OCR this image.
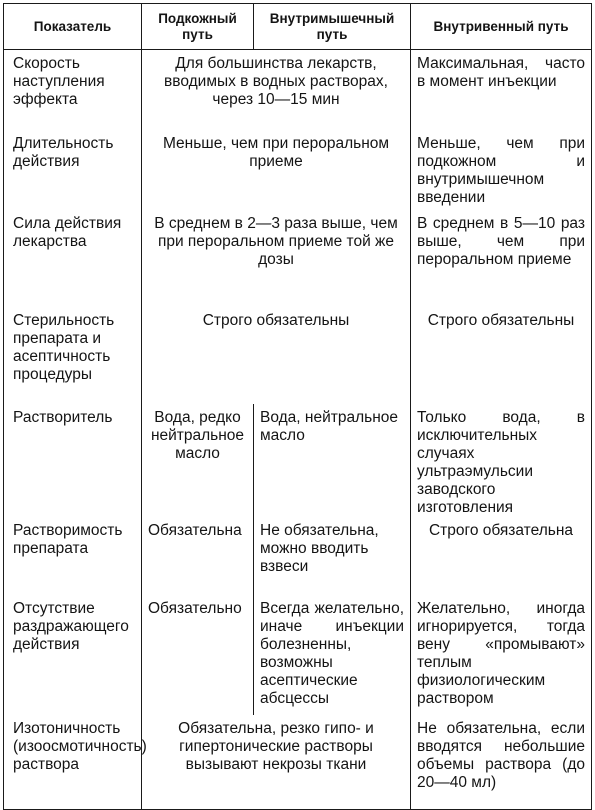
Показатель	Подкожный путь	Внутримышечный путь	Внутривенный путь
Скорость наступления эффекта	Для большинства лекарств, вводимых в водных растворах, через 10—15 мин		Максимальная, часто в момент инъекции
Длительность действия	Меньше, чем при пероральном приеме		Меньше, чем при подкожном и внутримышечном введении
Сила действия лекарства	В среднем в 2—3 раза выше, чем при пероральном приеме той же дозы		В среднем в 5—10 раз выше, чем при пероральном приеме
Стерильность препарата и асептичность процедуры	Строго обязательны		Строго обязательны
Растворитель	Вода, редко нейтральное масло	Вода, нейтральное масло	Только вода, в исключительных случаях ультраэмульсии заводского изготовления
Растворимость препарата	Обязательна	Не обязательна, можно вводить взвеси	Строго обязательна
Отсутствие раздражающего действия	Обязательно	Всегда желательно, иначе инъекции болезненны, возможны асептические абсцессы	Желательно, иногда игнорируется, тогда вену «промывают» теплым физиологическим раствором
Изотоничность (изоосмотичность) раствора	Обязательна, резко гипо- и гипертонические растворы вызывают некрозы ткани		Не обязательна, если вводятся небольшие объемы раствора (до 20—40 мл)
